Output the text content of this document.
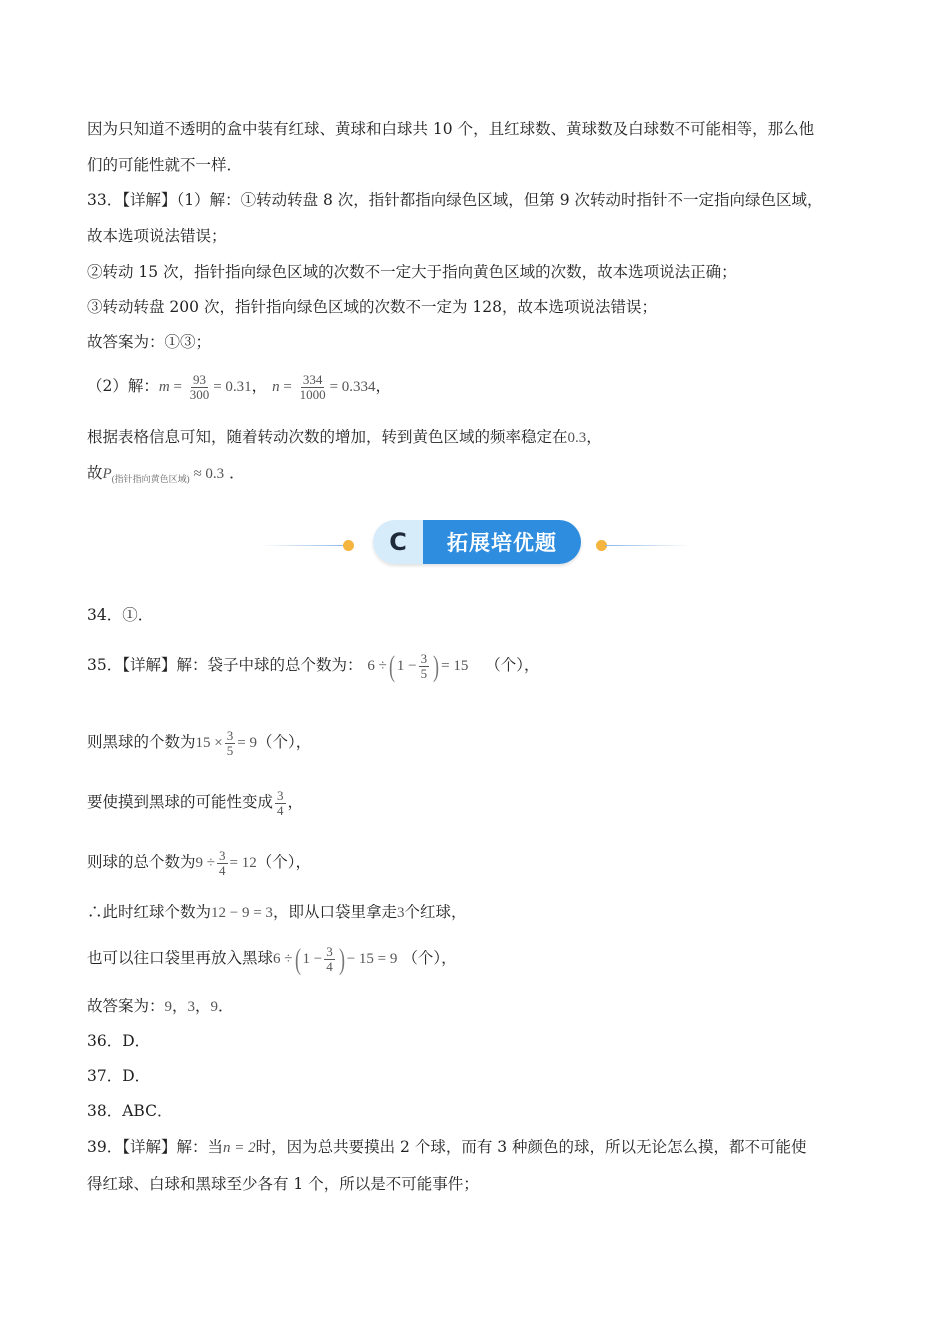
因为只知道不透明的盒中装有红球、黄球和白球共 10 个，且红球数、黄球数及白球数不可能相等，那么他
们的可能性就不一样．
33．【详解】（1）解：①转动转盘 8 次，指针都指向绿色区域，但第 9 次转动时指针不一定指向绿色区域，
故本选项说法错误；
②转动 15 次，指针指向绿色区域的次数不一定大于指向黄色区域的次数，故本选项说法正确；
③转动转盘 200 次，指针指向绿色区域的次数不一定为 128，故本选项说法错误；
故答案为：①③；
（2）解：$m = \frac{93}{300} = 0.31$， $n = \frac{334}{1000} = 0.334$，
根据表格信息可知，随着转动次数的增加，转到黄色区域的频率稳定在0.3，
故$P_{(指针指向黄色区域)} \approx 0.3$ ．
C	拓展培优题
34．①．
35．【详解】解：袋子中球的总个数为： 6 ÷( $1 - \frac{3}{5}$ ) = 15 （个），
则黑球的个数为$15 \times \frac{3}{5} = 9$（个），
要使摸到黑球的可能性变成 $\frac{3}{4}$ ，
则球的总个数为$9 \div \frac{3}{4} = 12$（个），
∴此时红球个数为12 − 9 = 3，即从口袋里拿走3个红球，
也可以往口袋里再放入黑球6 ÷( $1 - \frac{3}{4}$ ) − 15 = 9 （个），
故答案为：9，3，9．
36．D．
37．D．
38．ABC．
39．【详解】解：当n = 2时，因为总共要摸出 2 个球，而有 3 种颜色的球，所以无论怎么摸，都不可能使
得红球、白球和黑球至少各有 1 个，所以是不可能事件；
